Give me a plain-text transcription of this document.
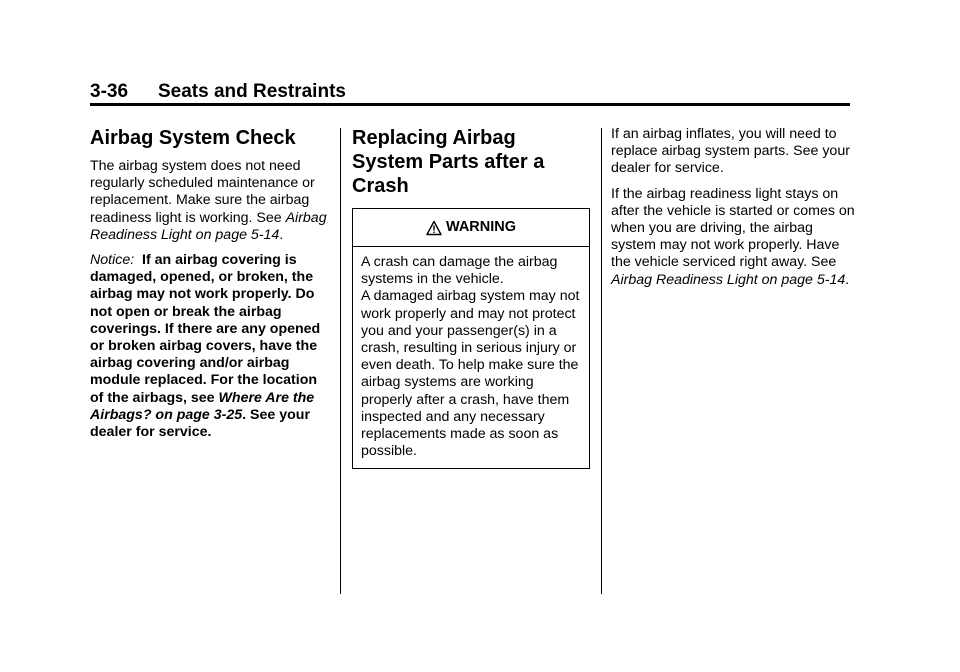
3-36 Seats and Restraints
Airbag System Check

The airbag system does not need regularly scheduled maintenance or replacement. Make sure the airbag readiness light is working. See Airbag Readiness Light on page 5-14.

Notice: If an airbag covering is damaged, opened, or broken, the airbag may not work properly. Do not open or break the airbag coverings. If there are any opened or broken airbag covers, have the airbag covering and/or airbag module replaced. For the location of the airbags, see Where Are the Airbags? on page 3-25. See your dealer for service.

Replacing Airbag System Parts after a Crash
WARNING

A crash can damage the airbag systems in the vehicle.

A damaged airbag system may not work properly and may not protect you and your passenger(s) in a crash, resulting in serious injury or even death. To help make sure the airbag systems are working properly after a crash, have them inspected and any necessary replacements made as soon as possible.

If an airbag inflates, you will need to replace airbag system parts. See your dealer for service.

If the airbag readiness light stays on after the vehicle is started or comes on when you are driving, the airbag system may not work properly. Have the vehicle serviced right away. See Airbag Readiness Light on page 5-14.
